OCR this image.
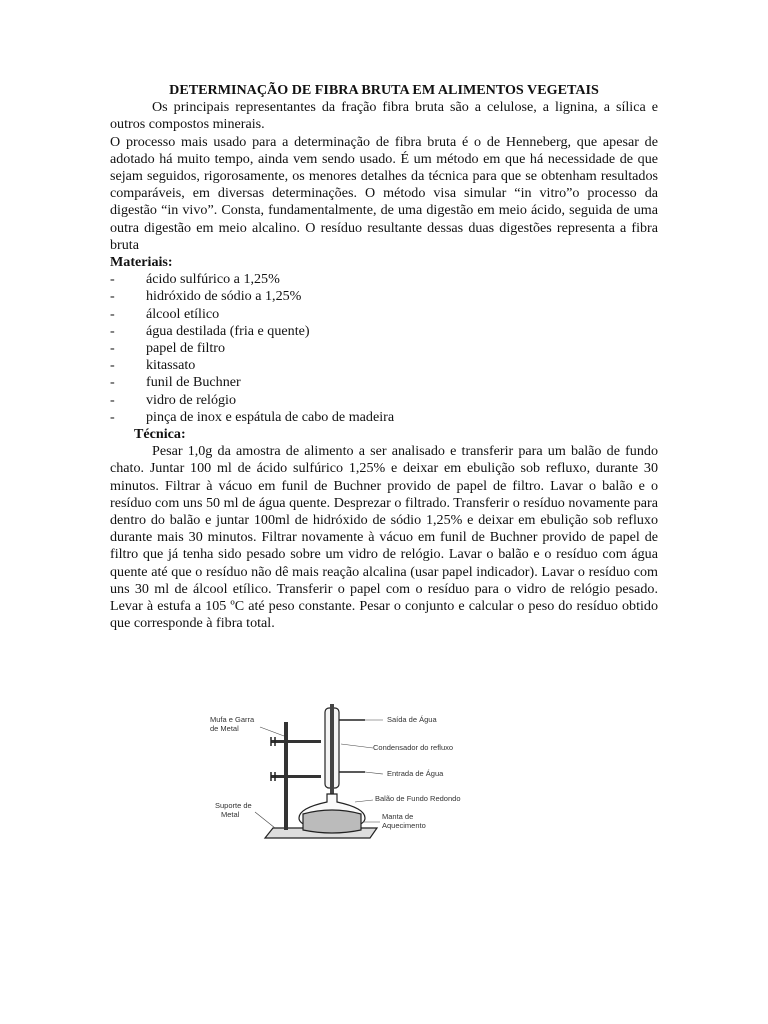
DETERMINAÇÃO DE FIBRA BRUTA EM ALIMENTOS VEGETAIS

Os principais representantes da fração fibra bruta são a celulose, a lignina, a sílica e outros compostos minerais.

O processo mais usado para a determinação de fibra bruta é o de Henneberg, que apesar de adotado há muito tempo, ainda vem sendo usado. É um método em que há necessidade de que sejam seguidos, rigorosamente, os menores detalhes da técnica para que se obtenham resultados comparáveis, em diversas determinações. O método visa simular “in vitro”o processo da digestão “in vivo”. Consta, fundamentalmente, de uma digestão em meio ácido, seguida de uma outra digestão em meio alcalino. O resíduo resultante dessas duas digestões representa a fibra bruta

Materiais:

- ácido sulfúrico a 1,25%
- hidróxido de sódio a 1,25%
- álcool etílico
- água destilada (fria e quente)
- papel de filtro
- kitassato
- funil de Buchner
- vidro de relógio
- pinça de inox e espátula de cabo de madeira

Técnica:

Pesar 1,0g da amostra de alimento a ser analisado e transferir para um balão de fundo chato. Juntar 100 ml de ácido sulfúrico 1,25% e deixar em ebulição sob refluxo, durante 30 minutos. Filtrar à vácuo em funil de Buchner provido de papel de filtro. Lavar o balão e o resíduo com uns 50 ml de água quente. Desprezar o filtrado. Transferir o resíduo novamente para dentro do balão e juntar 100ml de hidróxido de sódio 1,25% e deixar em ebulição sob refluxo durante mais 30 minutos. Filtrar novamente à vácuo em funil de Buchner provido de papel de filtro que já tenha sido pesado sobre um vidro de relógio. Lavar o balão e o resíduo com água quente até que o resíduo não dê mais reação alcalina (usar papel indicador). Lavar o resíduo com uns 30 ml de álcool etílico. Transferir o papel com o resíduo para o vidro de relógio pesado. Levar à estufa a 105 ºC até peso constante. Pesar o conjunto e calcular o peso do resíduo obtido que corresponde à fibra total.

Mufa e Garra
de Metal
Suporte de
Metal
Saída de Água
Condensador do refluxo
Entrada de Água
Balão de Fundo Redondo
Manta de
Aquecimento
